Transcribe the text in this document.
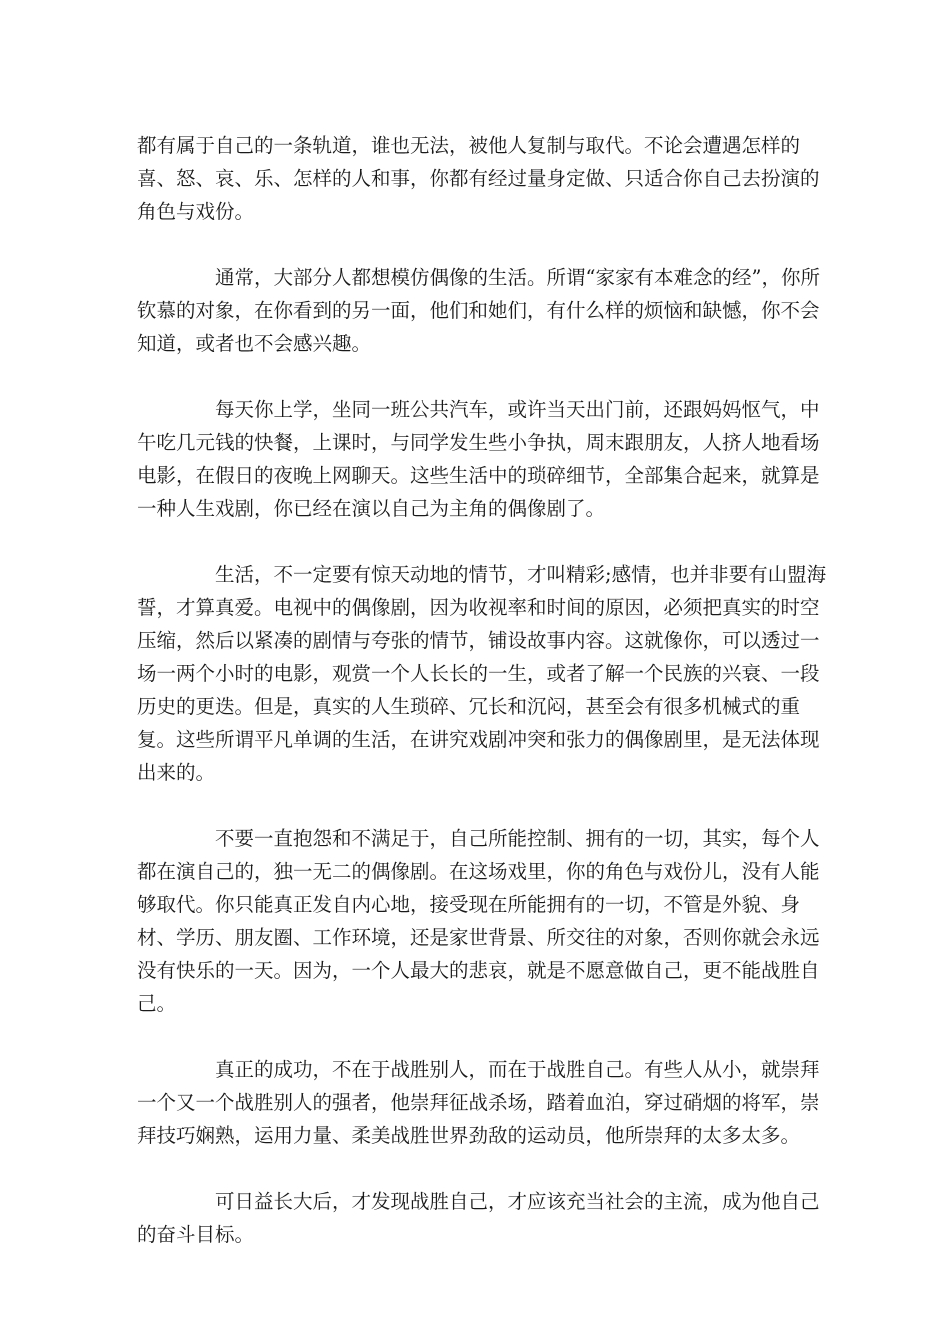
都有属于自己的一条轨道，谁也无法，被他人复制与取代。不论会遭遇怎样的喜、怒、哀、乐、怎样的人和事，你都有经过量身定做、只适合你自己去扮演的角色与戏份。

通常，大部分人都想模仿偶像的生活。所谓“家家有本难念的经”，你所钦慕的对象，在你看到的另一面，他们和她们，有什么样的烦恼和缺憾，你不会知道，或者也不会感兴趣。

每天你上学，坐同一班公共汽车，或许当天出门前，还跟妈妈怄气，中午吃几元钱的快餐，上课时，与同学发生些小争执，周末跟朋友，人挤人地看场电影，在假日的夜晚上网聊天。这些生活中的琐碎细节，全部集合起来，就算是一种人生戏剧，你已经在演以自己为主角的偶像剧了。

生活，不一定要有惊天动地的情节，才叫精彩;感情，也并非要有山盟海誓，才算真爱。电视中的偶像剧，因为收视率和时间的原因，必须把真实的时空压缩，然后以紧凑的剧情与夸张的情节，铺设故事内容。这就像你，可以透过一场一两个小时的电影，观赏一个人长长的一生，或者了解一个民族的兴衰、一段历史的更迭。但是，真实的人生琐碎、冗长和沉闷，甚至会有很多机械式的重复。这些所谓平凡单调的生活，在讲究戏剧冲突和张力的偶像剧里，是无法体现出来的。

不要一直抱怨和不满足于，自己所能控制、拥有的一切，其实，每个人都在演自己的，独一无二的偶像剧。在这场戏里，你的角色与戏份儿，没有人能够取代。你只能真正发自内心地，接受现在所能拥有的一切，不管是外貌、身材、学历、朋友圈、工作环境，还是家世背景、所交往的对象，否则你就会永远没有快乐的一天。因为，一个人最大的悲哀，就是不愿意做自己，更不能战胜自己。

真正的成功，不在于战胜别人，而在于战胜自己。有些人从小，就崇拜一个又一个战胜别人的强者，他崇拜征战杀场，踏着血泊，穿过硝烟的将军，崇拜技巧娴熟，运用力量、柔美战胜世界劲敌的运动员，他所崇拜的太多太多。

可日益长大后，才发现战胜自己，才应该充当社会的主流，成为他自己的奋斗目标。
